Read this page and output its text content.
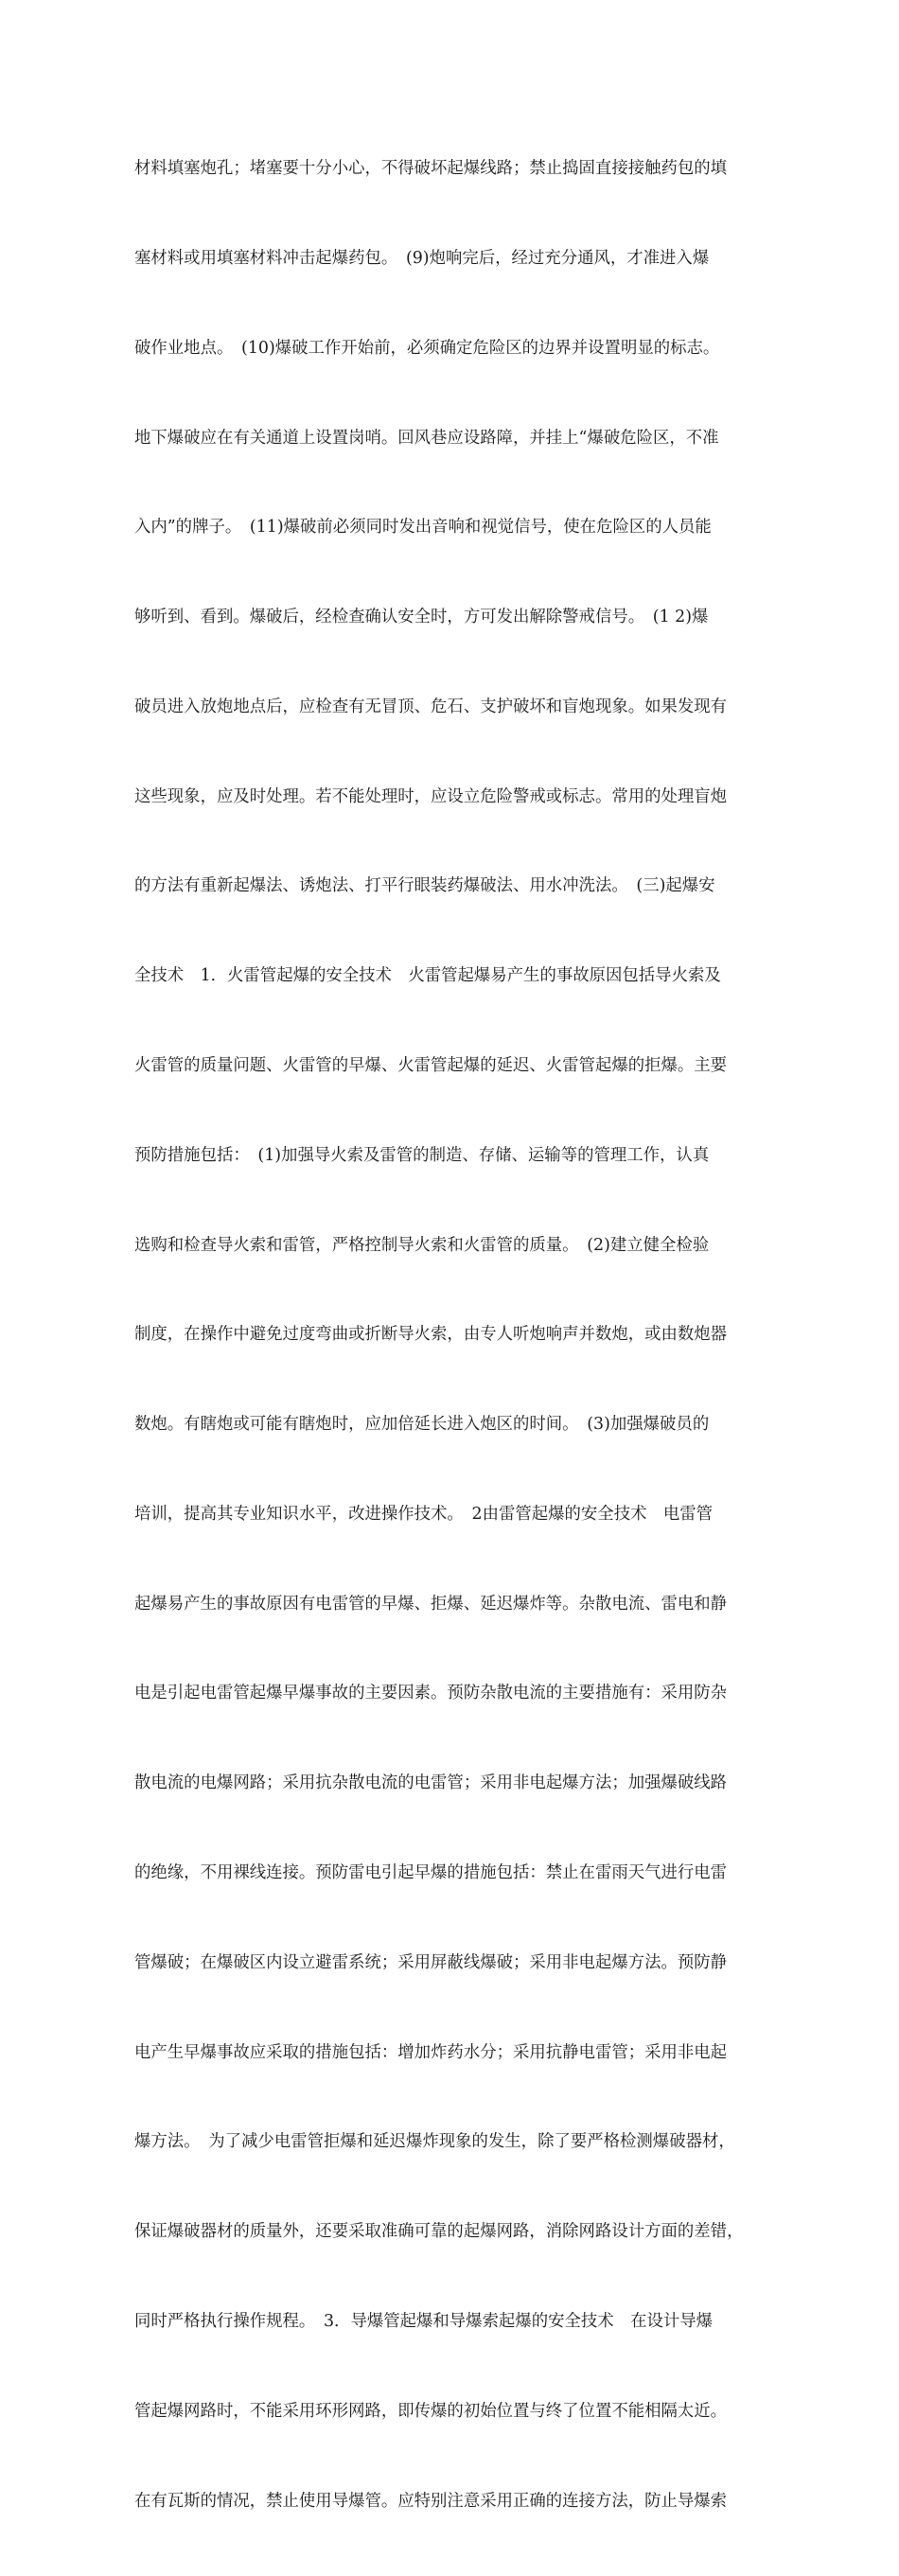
材料填塞炮孔；堵塞要十分小心，不得破坏起爆线路；禁止捣固直接接触药包的填

塞材料或用填塞材料冲击起爆药包。　(9)炮响完后，经过充分通风，才准进入爆

破作业地点。　(10)爆破工作开始前，必须确定危险区的边界并设置明显的标志。

地下爆破应在有关通道上设置岗哨。回风巷应设路障，并挂上“爆破危险区，不准

入内”的牌子。　(11)爆破前必须同时发出音响和视觉信号，使在危险区的人员能

够听到、看到。爆破后，经检查确认安全时，方可发出解除警戒信号。　(1 2)爆

破员进入放炮地点后，应检查有无冒顶、危石、支护破坏和盲炮现象。如果发现有

这些现象，应及时处理。若不能处理时，应设立危险警戒或标志。常用的处理盲炮

的方法有重新起爆法、诱炮法、打平行眼装药爆破法、用水冲洗法。　(三)起爆安

全技术　1．火雷管起爆的安全技术　火雷管起爆易产生的事故原因包括导火索及

火雷管的质量问题、火雷管的早爆、火雷管起爆的延迟、火雷管起爆的拒爆。主要

预防措施包括：　(1)加强导火索及雷管的制造、存储、运输等的管理工作，认真

选购和检查导火索和雷管，严格控制导火索和火雷管的质量。　(2)建立健全检验

制度，在操作中避免过度弯曲或折断导火索，由专人听炮响声并数炮，或由数炮器

数炮。有瞎炮或可能有瞎炮时，应加倍延长进入炮区的时间。　(3)加强爆破员的

培训，提高其专业知识水平，改进操作技术。　2由雷管起爆的安全技术　电雷管

起爆易产生的事故原因有电雷管的早爆、拒爆、延迟爆炸等。杂散电流、雷电和静

电是引起电雷管起爆早爆事故的主要因素。预防杂散电流的主要措施有：采用防杂

散电流的电爆网路；采用抗杂散电流的电雷管；采用非电起爆方法；加强爆破线路

的绝缘，不用裸线连接。预防雷电引起早爆的措施包括：禁止在雷雨天气进行电雷

管爆破；在爆破区内设立避雷系统；采用屏蔽线爆破；采用非电起爆方法。预防静

电产生早爆事故应采取的措施包括：增加炸药水分；采用抗静电雷管；采用非电起

爆方法。　为了减少电雷管拒爆和延迟爆炸现象的发生，除了要严格检测爆破器材，

保证爆破器材的质量外，还要采取准确可靠的起爆网路，消除网路设计方面的差错，

同时严格执行操作规程。　3．导爆管起爆和导爆索起爆的安全技术　在设计导爆

管起爆网路时，不能采用环形网路，即传爆的初始位置与终了位置不能相隔太近。

在有瓦斯的情况，禁止使用导爆管。应特别注意采用正确的连接方法，防止导爆索
